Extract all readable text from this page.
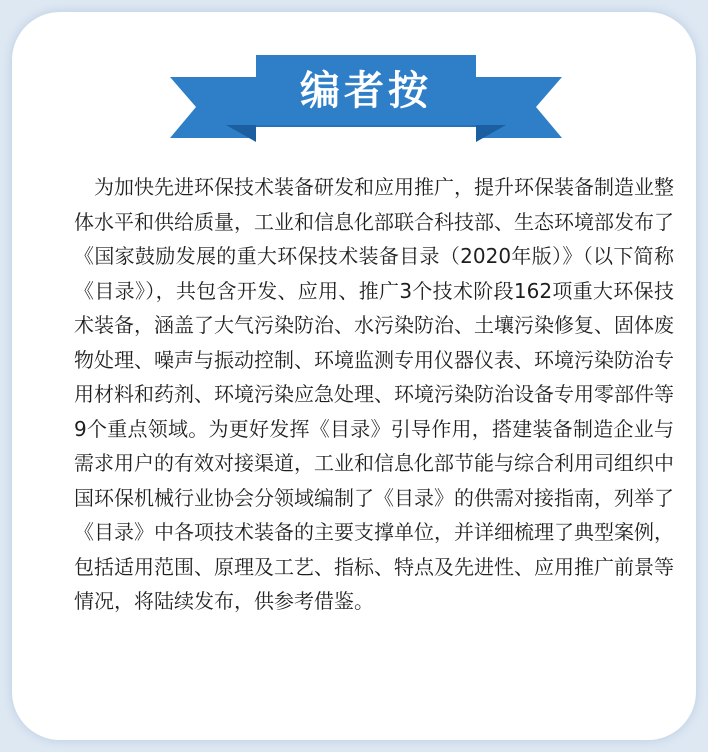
编者按

为加快先进环保技术装备研发和应用推广，提升环保装备制造业整体水平和供给质量，工业和信息化部联合科技部、生态环境部发布了《国家鼓励发展的重大环保技术装备目录（2020年版）》（以下简称《目录》），共包含开发、应用、推广3个技术阶段162项重大环保技术装备，涵盖了大气污染防治、水污染防治、土壤污染修复、固体废物处理、噪声与振动控制、环境监测专用仪器仪表、环境污染防治专用材料和药剂、环境污染应急处理、环境污染防治设备专用零部件等9个重点领域。为更好发挥《目录》引导作用，搭建装备制造企业与需求用户的有效对接渠道，工业和信息化部节能与综合利用司组织中国环保机械行业协会分领域编制了《目录》的供需对接指南，列举了《目录》中各项技术装备的主要支撑单位，并详细梳理了典型案例，包括适用范围、原理及工艺、指标、特点及先进性、应用推广前景等情况，将陆续发布，供参考借鉴。
